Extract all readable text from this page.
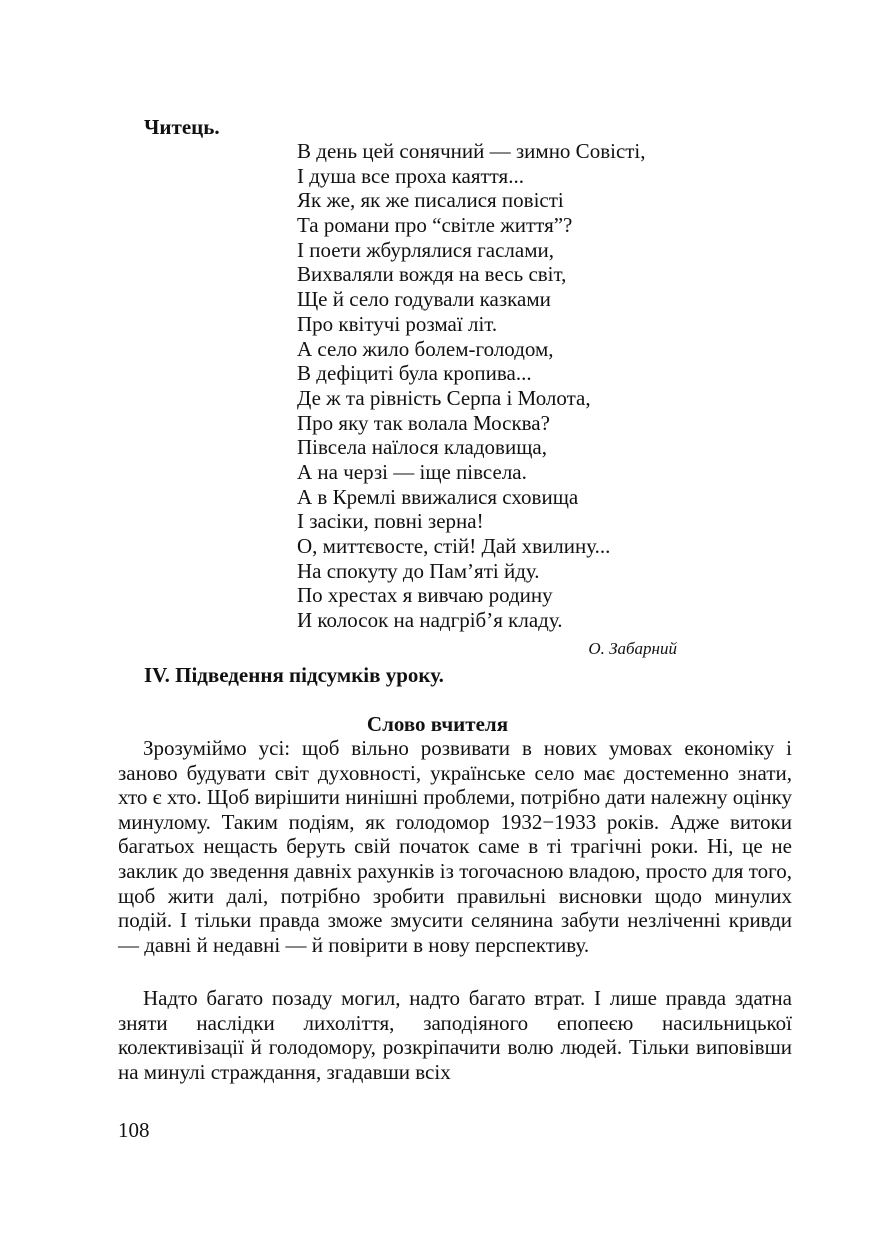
Читець.

В день цей сонячний — зимно Совісті,
І душа все проха каяття...
Як же, як же писалися повісті
Та романи про “світле життя”?
І поети жбурлялися гаслами,
Вихваляли вождя на весь світ,
Ще й село годували казками
Про квітучі розмаї літ.
А село жило болем-голодом,
В дефіциті була кропива...
Де ж та рівність Серпа і Молота,
Про яку так волала Москва?
Півсела наїлося кладовища,
А на черзі — іще півсела.
А в Кремлі ввижалися сховища
І засіки, повні зерна!
О, миттєвосте, стій! Дай хвилину...
На спокуту до Пам’яті йду.
По хрестах я вивчаю родину
И колосок на надгріб’я кладу.

О. Забарний

IV. Підведення підсумків уроку.

Слово вчителя

Зрозуміймо усі: щоб вільно розвивати в нових умовах економіку і заново будувати світ духовності, українське село має достеменно знати, хто є хто. Щоб вирішити нинішні проблеми, потрібно дати належну оцінку минулому. Таким подіям, як голодомор 1932−1933 років. Адже витоки багатьох нещасть беруть свій початок саме в ті трагічні роки. Ні, це не заклик до зведення давніх рахунків із тогочасною владою, просто для того, щоб жити далі, потрібно зробити правильні висновки щодо минулих подій. І тільки правда зможе змусити селянина забути незліченні кривди — давні й недавні — й повірити в нову перспективу.

Надто багато позаду могил, надто багато втрат. І лише правда здатна зняти наслідки лихоліття, заподіяного епопеєю насильницької колективізації й голодомору, розкріпачити волю людей. Тільки виповівши на минулі страждання, згадавши всіх

108
